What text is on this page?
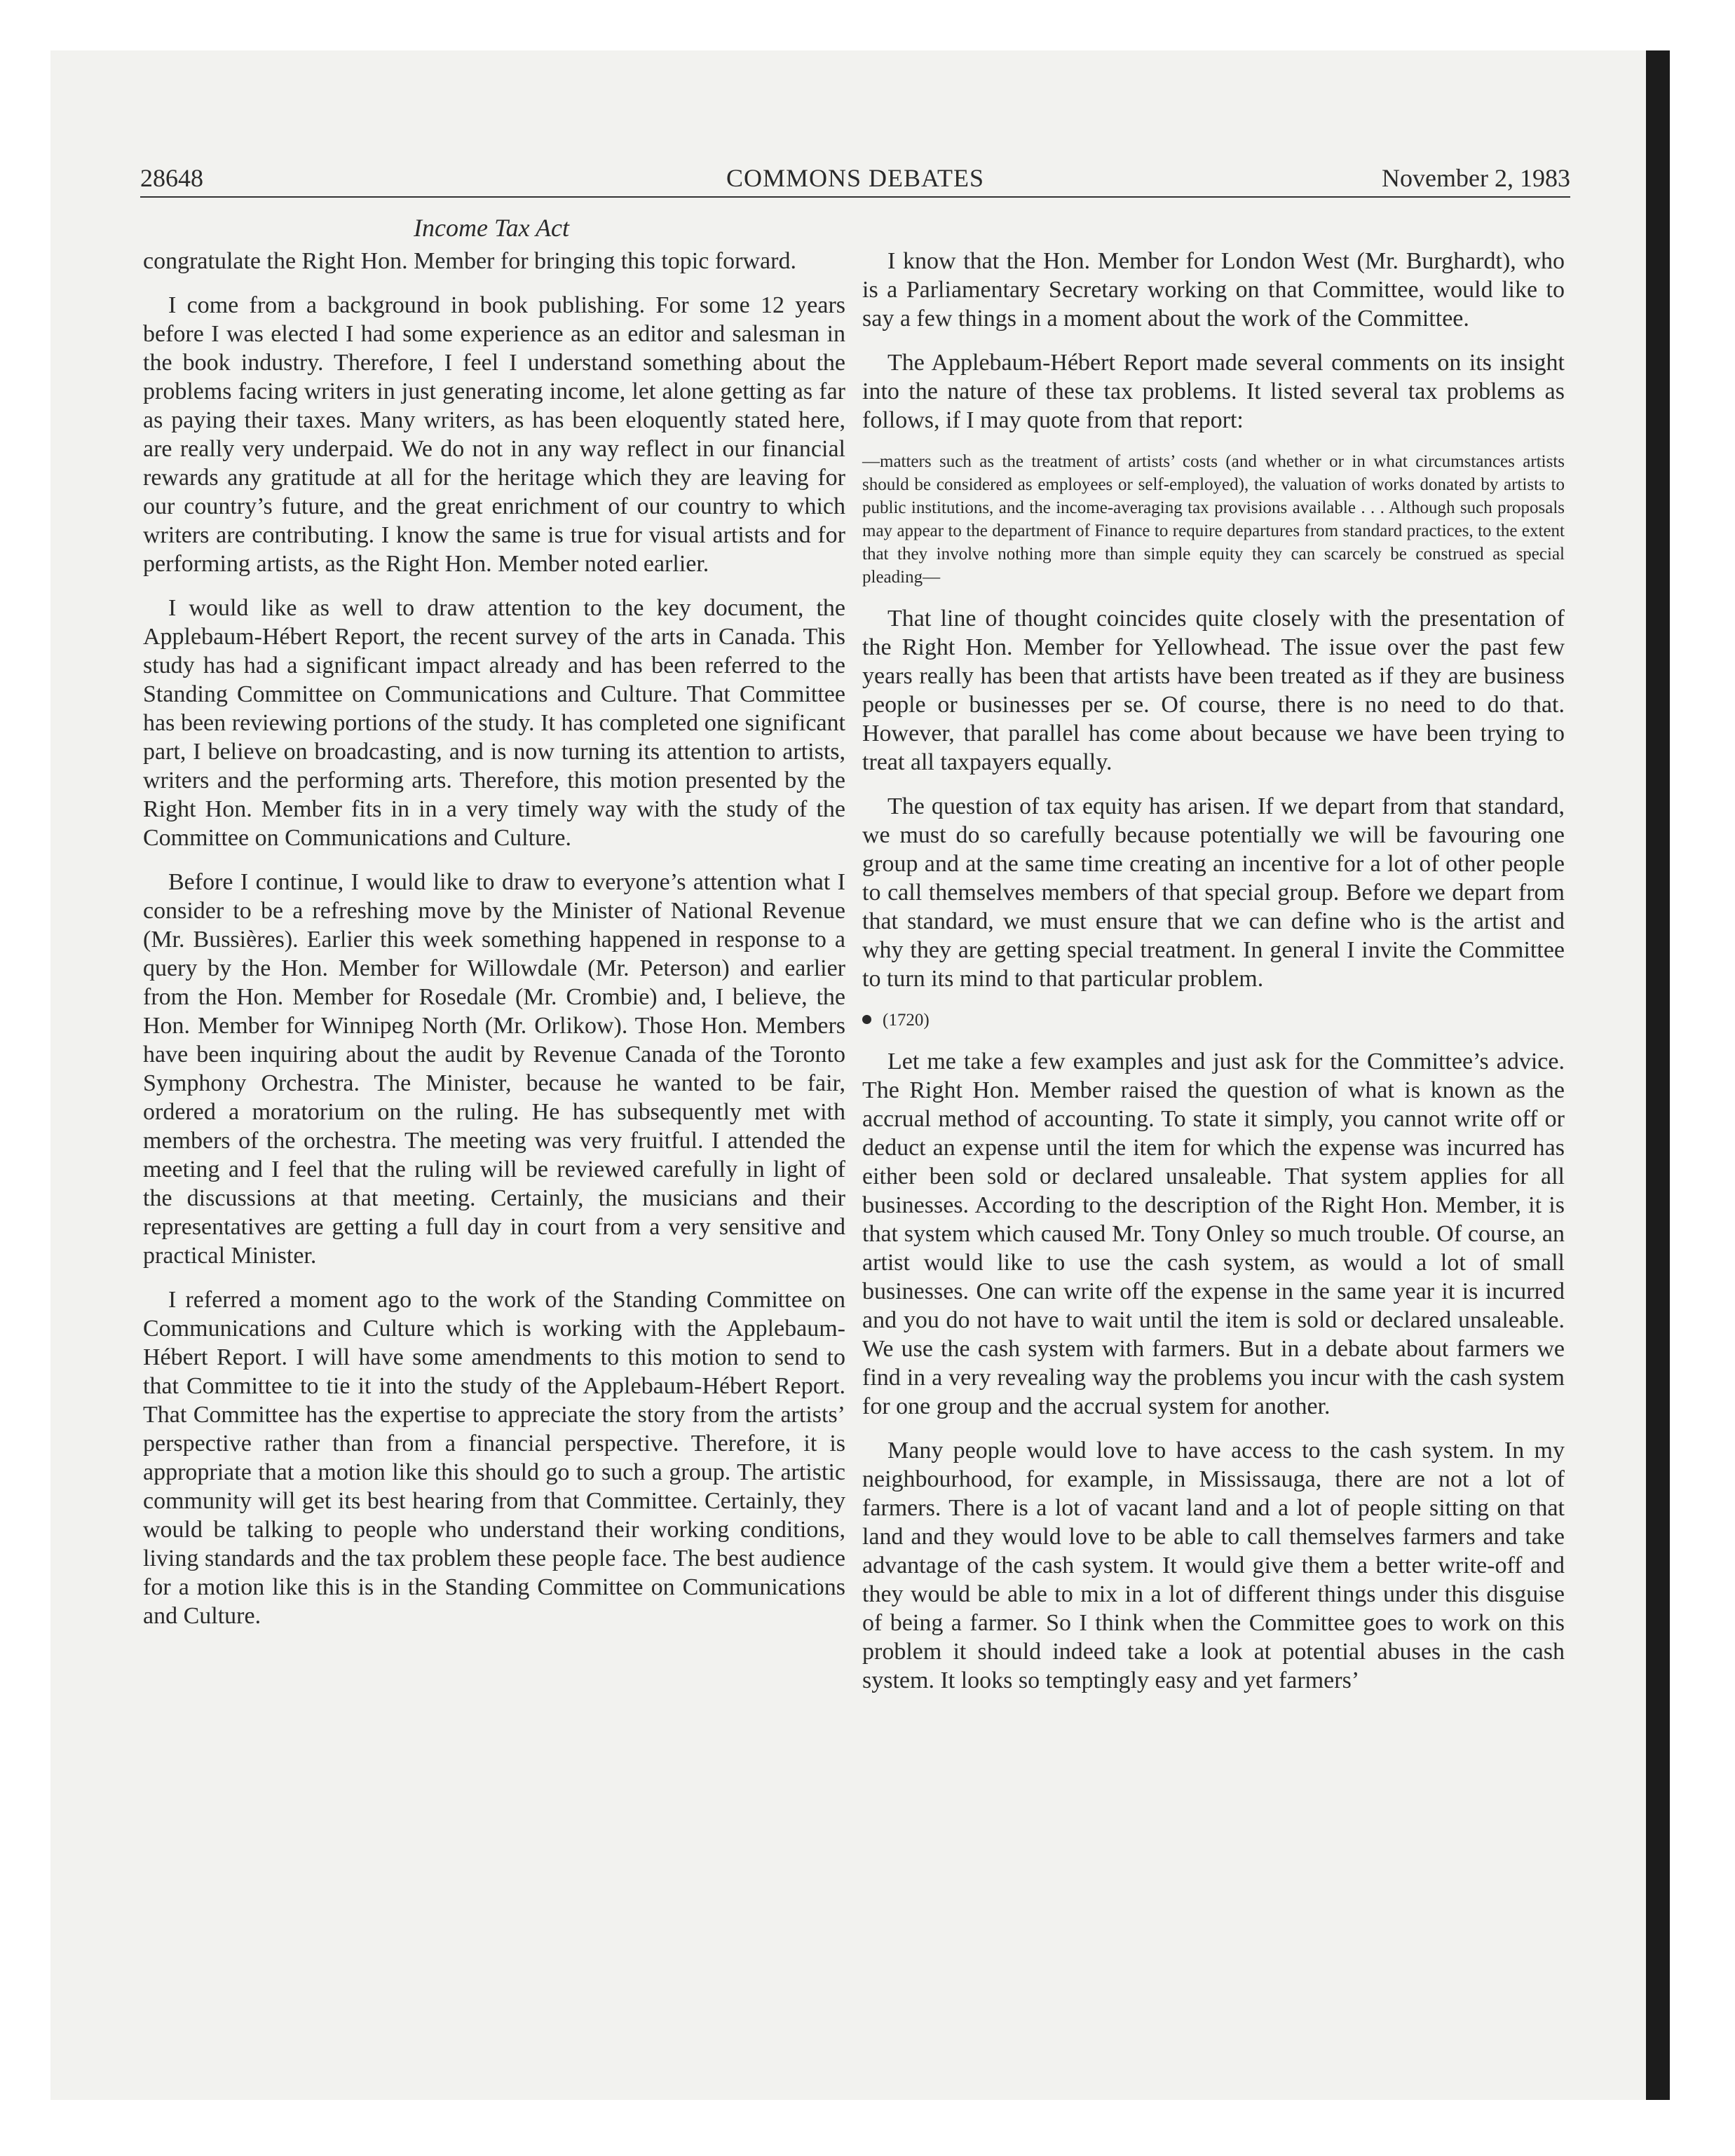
28648	COMMONS DEBATES	November 2, 1983
Income Tax Act

congratulate the Right Hon. Member for bringing this topic forward.

I come from a background in book publishing. For some 12 years before I was elected I had some experience as an editor and salesman in the book industry. Therefore, I feel I understand something about the problems facing writers in just generating income, let alone getting as far as paying their taxes. Many writers, as has been eloquently stated here, are really very underpaid. We do not in any way reflect in our financial rewards any gratitude at all for the heritage which they are leaving for our country’s future, and the great enrichment of our country to which writers are contributing. I know the same is true for visual artists and for performing artists, as the Right Hon. Member noted earlier.

I would like as well to draw attention to the key document, the Applebaum-Hébert Report, the recent survey of the arts in Canada. This study has had a significant impact already and has been referred to the Standing Committee on Communications and Culture. That Committee has been reviewing portions of the study. It has completed one significant part, I believe on broadcasting, and is now turning its attention to artists, writers and the performing arts. Therefore, this motion presented by the Right Hon. Member fits in in a very timely way with the study of the Committee on Communications and Culture.

Before I continue, I would like to draw to everyone’s attention what I consider to be a refreshing move by the Minister of National Revenue (Mr. Bussières). Earlier this week something happened in response to a query by the Hon. Member for Willowdale (Mr. Peterson) and earlier from the Hon. Member for Rosedale (Mr. Crombie) and, I believe, the Hon. Member for Winnipeg North (Mr. Orlikow). Those Hon. Members have been inquiring about the audit by Revenue Canada of the Toronto Symphony Orchestra. The Minister, because he wanted to be fair, ordered a moratorium on the ruling. He has subsequently met with members of the orchestra. The meeting was very fruitful. I attended the meeting and I feel that the ruling will be reviewed carefully in light of the discussions at that meeting. Certainly, the musicians and their representatives are getting a full day in court from a very sensitive and practical Minister.

I referred a moment ago to the work of the Standing Committee on Communications and Culture which is working with the Applebaum-Hébert Report. I will have some amendments to this motion to send to that Committee to tie it into the study of the Applebaum-Hébert Report. That Committee has the expertise to appreciate the story from the artists’ perspective rather than from a financial perspective. Therefore, it is appropriate that a motion like this should go to such a group. The artistic community will get its best hearing from that Committee. Certainly, they would be talking to people who understand their working conditions, living standards and the tax problem these people face. The best audience for a motion like this is in the Standing Committee on Communications and Culture.

I know that the Hon. Member for London West (Mr. Burghardt), who is a Parliamentary Secretary working on that Committee, would like to say a few things in a moment about the work of the Committee.

The Applebaum-Hébert Report made several comments on its insight into the nature of these tax problems. It listed several tax problems as follows, if I may quote from that report:

—matters such as the treatment of artists’ costs (and whether or in what circumstances artists should be considered as employees or self-employed), the valuation of works donated by artists to public institutions, and the income-averaging tax provisions available . . . Although such proposals may appear to the department of Finance to require departures from standard practices, to the extent that they involve nothing more than simple equity they can scarcely be construed as special pleading—

That line of thought coincides quite closely with the presentation of the Right Hon. Member for Yellowhead. The issue over the past few years really has been that artists have been treated as if they are business people or businesses per se. Of course, there is no need to do that. However, that parallel has come about because we have been trying to treat all taxpayers equally.

The question of tax equity has arisen. If we depart from that standard, we must do so carefully because potentially we will be favouring one group and at the same time creating an incentive for a lot of other people to call themselves members of that special group. Before we depart from that standard, we must ensure that we can define who is the artist and why they are getting special treatment. In general I invite the Committee to turn its mind to that particular problem.

(1720)

Let me take a few examples and just ask for the Committee’s advice. The Right Hon. Member raised the question of what is known as the accrual method of accounting. To state it simply, you cannot write off or deduct an expense until the item for which the expense was incurred has either been sold or declared unsaleable. That system applies for all businesses. According to the description of the Right Hon. Member, it is that system which caused Mr. Tony Onley so much trouble. Of course, an artist would like to use the cash system, as would a lot of small businesses. One can write off the expense in the same year it is incurred and you do not have to wait until the item is sold or declared unsaleable. We use the cash system with farmers. But in a debate about farmers we find in a very revealing way the problems you incur with the cash system for one group and the accrual system for another.

Many people would love to have access to the cash system. In my neighbourhood, for example, in Mississauga, there are not a lot of farmers. There is a lot of vacant land and a lot of people sitting on that land and they would love to be able to call themselves farmers and take advantage of the cash system. It would give them a better write-off and they would be able to mix in a lot of different things under this disguise of being a farmer. So I think when the Committee goes to work on this problem it should indeed take a look at potential abuses in the cash system. It looks so temptingly easy and yet farmers’
